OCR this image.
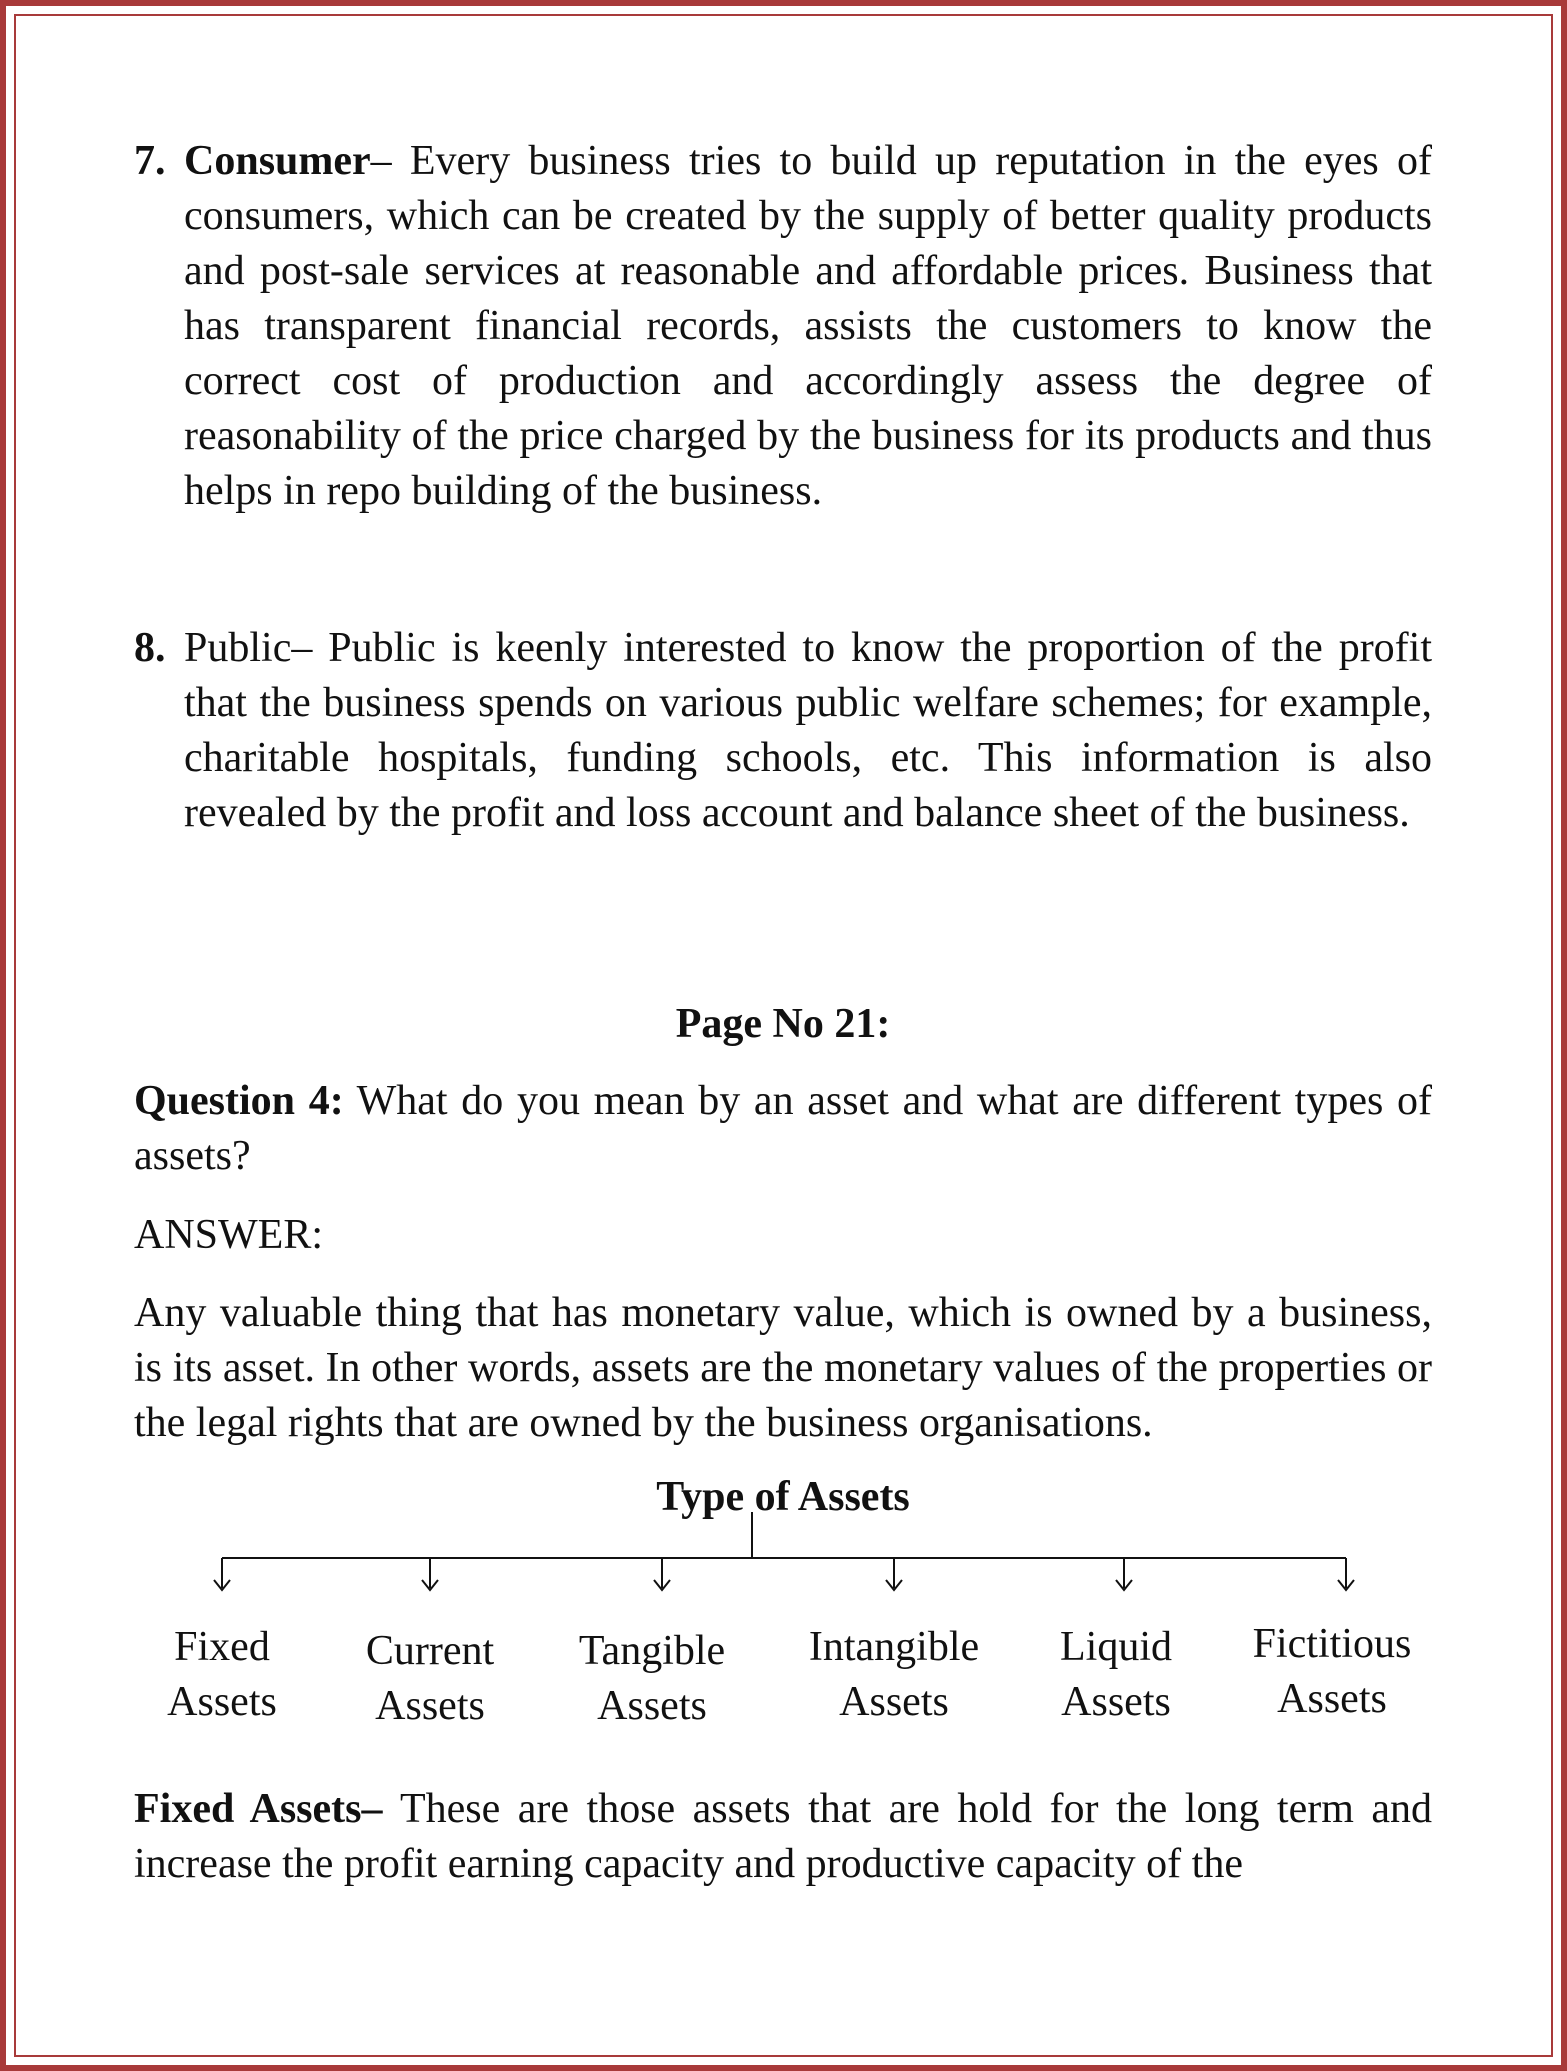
7. Consumer– Every business tries to build up reputation in the eyes of consumers, which can be created by the supply of better quality products and post-sale services at reasonable and affordable prices. Business that has transparent financial records, assists the customers to know the correct cost of production and accordingly assess the degree of reasonability of the price charged by the business for its products and thus helps in repo building of the business.
8. Public– Public is keenly interested to know the proportion of the profit that the business spends on various public welfare schemes; for example, charitable hospitals, funding schools, etc. This information is also revealed by the profit and loss account and balance sheet of the business.
Page No 21:
Question 4: What do you mean by an asset and what are different types of assets?
ANSWER:
Any valuable thing that has monetary value, which is owned by a business, is its asset. In other words, assets are the monetary values of the properties or the legal rights that are owned by the business organisations.
Type of Assets
Fixed
Assets
Current
Assets
Tangible
Assets
Intangible
Assets
Liquid
Assets
Fictitious
Assets
Fixed Assets– These are those assets that are hold for the long term and increase the profit earning capacity and productive capacity of the
